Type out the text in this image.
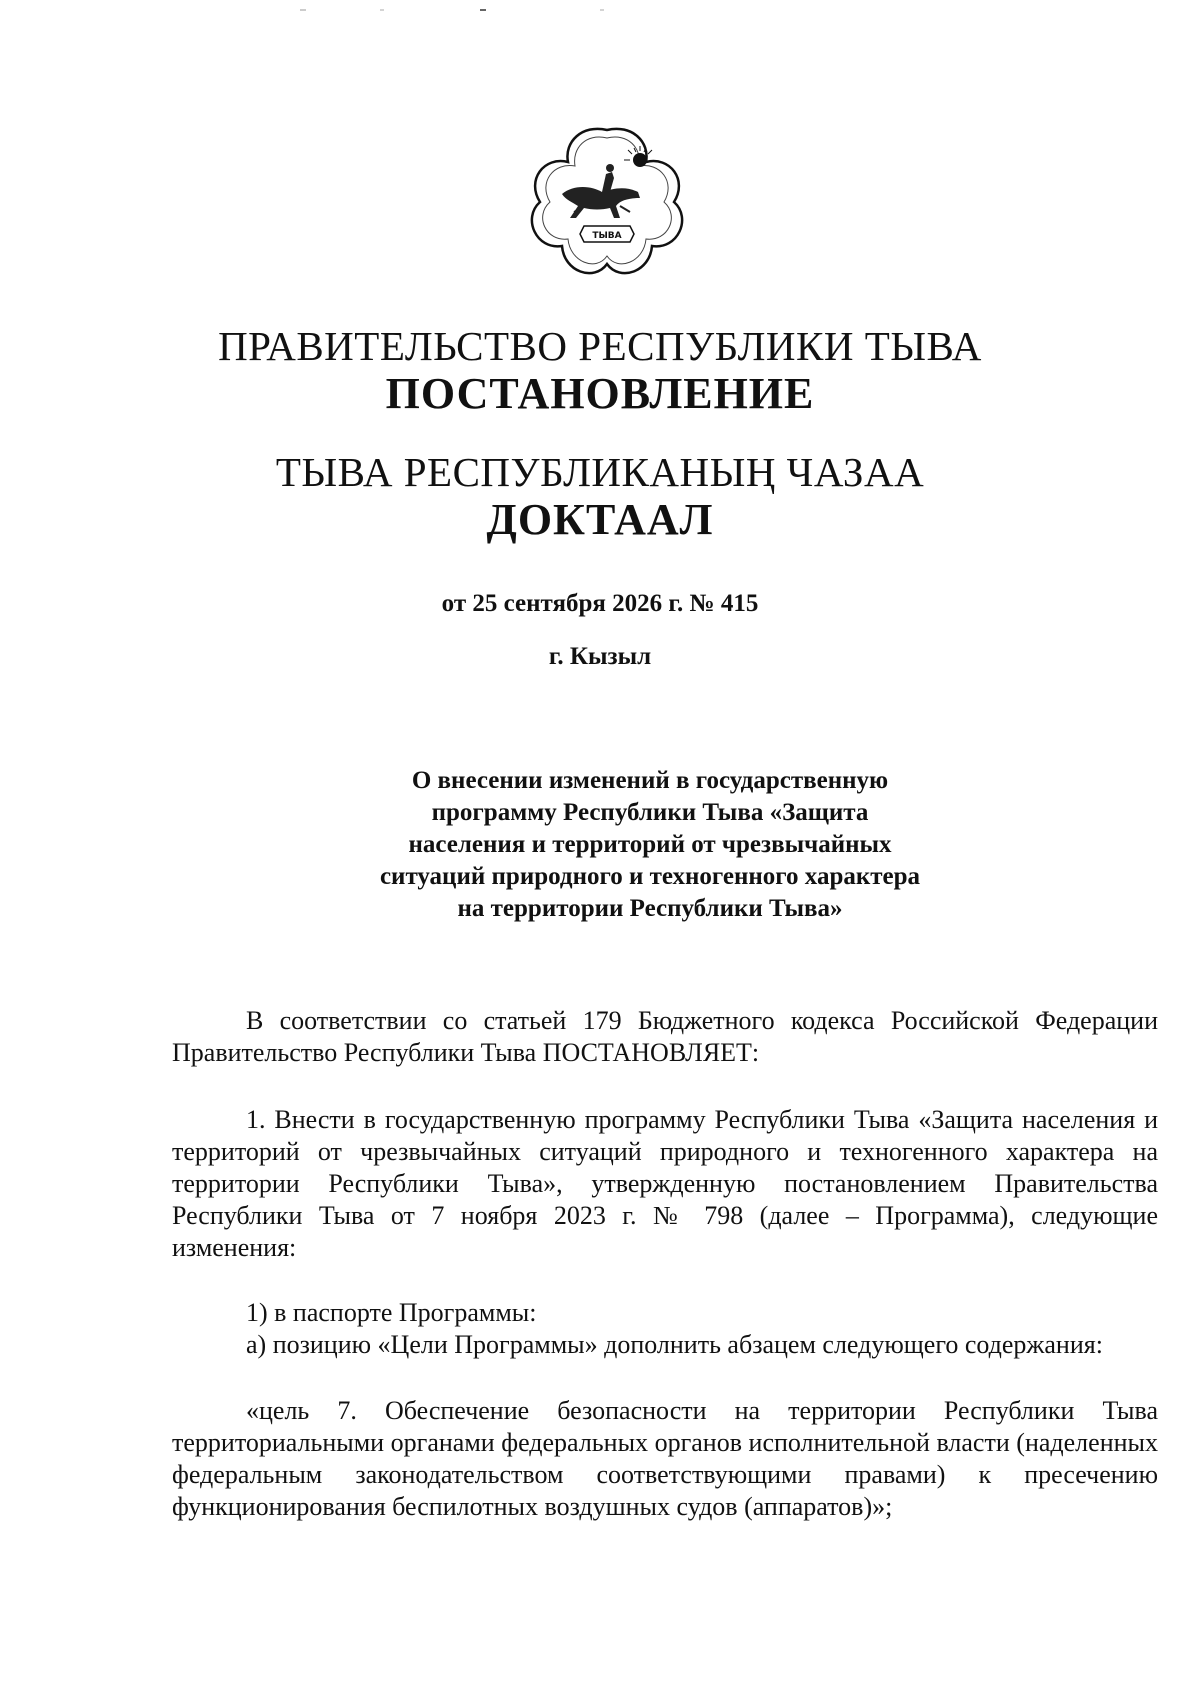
ТЫВА
ПРАВИТЕЛЬСТВО РЕСПУБЛИКИ ТЫВА
ПОСТАНОВЛЕНИЕ
ТЫВА РЕСПУБЛИКАНЫҢ ЧАЗАА
ДОКТААЛ
от 25 сентября 2026 г. № 415
г. Кызыл
О внесении изменений в государственную
программу Республики Тыва «Защита
населения и территорий от чрезвычайных
ситуаций природного и техногенного характера
на территории Республики Тыва»

В соответствии со статьей 179 Бюджетного кодекса Российской Федерации Правительство Республики Тыва ПОСТАНОВЛЯЕТ:

1. Внести в государственную программу Республики Тыва «Защита населения и территорий от чрезвычайных ситуаций природного и техногенного характера на территории Республики Тыва», утвержденную постановлением Правительства Республики Тыва от 7 ноября 2023 г. № 798 (далее – Программа), следующие изменения:

1) в паспорте Программы:

а) позицию «Цели Программы» дополнить абзацем следующего содержания:

«цель 7. Обеспечение безопасности на территории Республики Тыва территориальными органами федеральных органов исполнительной власти (наделенных федеральным законодательством соответствующими правами) к пресечению функционирования беспилотных воздушных судов (аппаратов)»;
